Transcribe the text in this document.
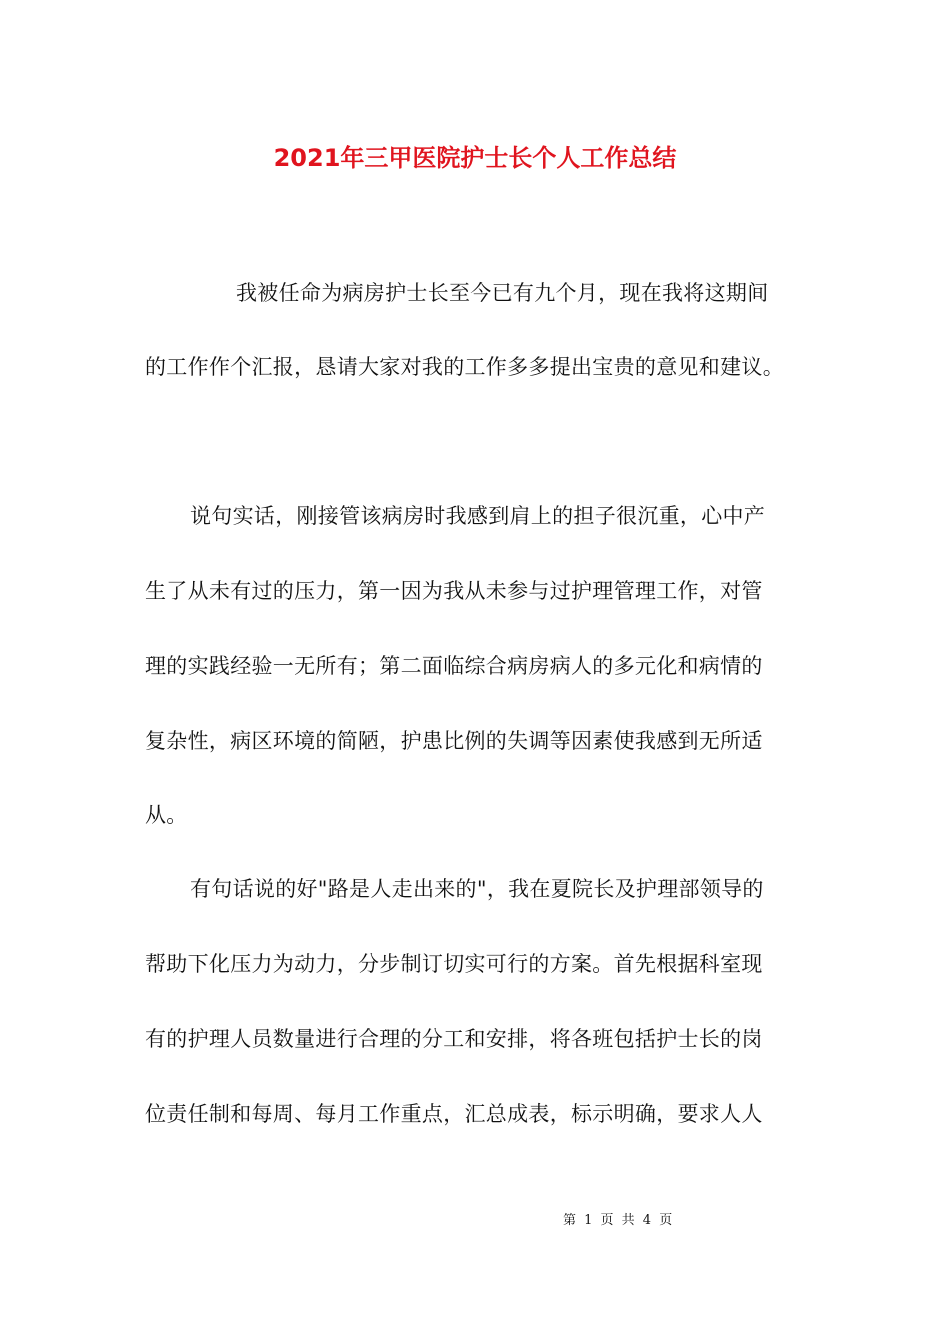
2021年三甲医院护士长个人工作总结
我被任命为病房护士长至今已有九个月，现在我将这期间
的工作作个汇报，恳请大家对我的工作多多提出宝贵的意见和建议。
说句实话，刚接管该病房时我感到肩上的担子很沉重，心中产
生了从未有过的压力，第一因为我从未参与过护理管理工作，对管
理的实践经验一无所有；第二面临综合病房病人的多元化和病情的
复杂性，病区环境的简陋，护患比例的失调等因素使我感到无所适
从。
有句话说的好"路是人走出来的"，我在夏院长及护理部领导的
帮助下化压力为动力，分步制订切实可行的方案。首先根据科室现
有的护理人员数量进行合理的分工和安排，将各班包括护士长的岗
位责任制和每周、每月工作重点，汇总成表，标示明确，要求人人
第 1 页 共 4 页
